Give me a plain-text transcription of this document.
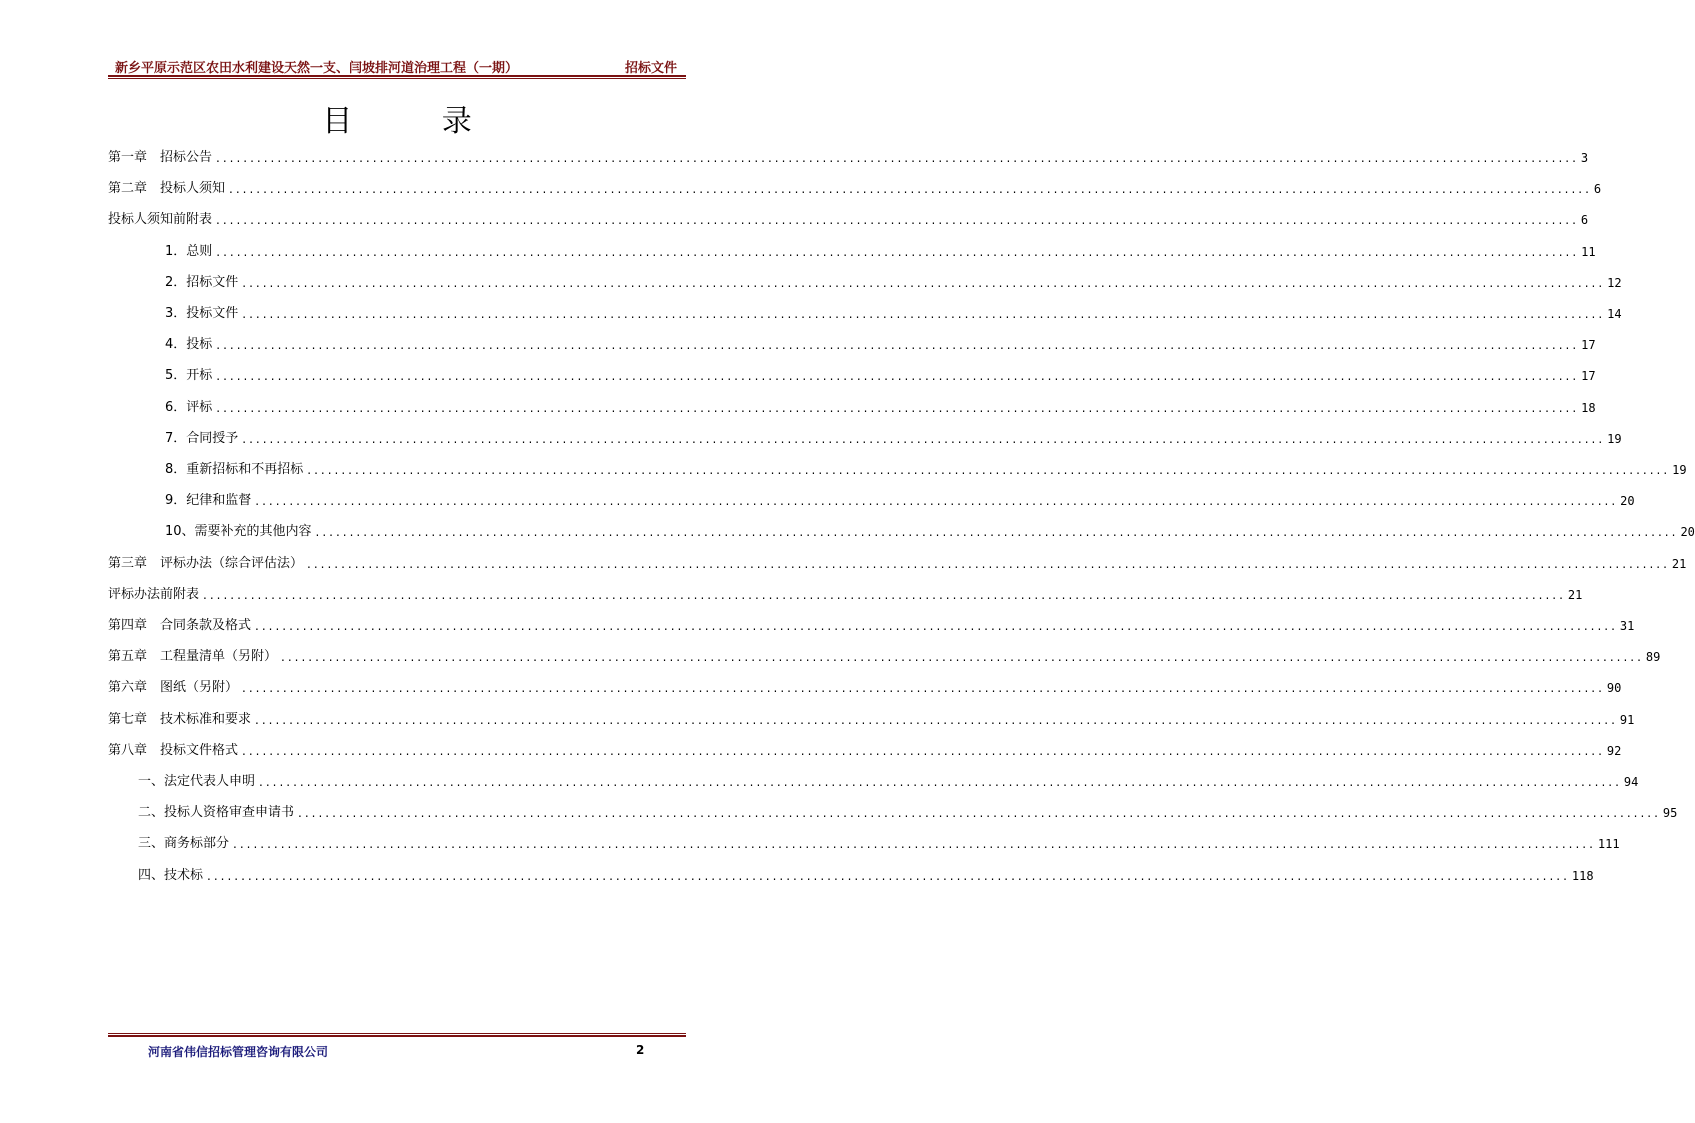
新乡平原示范区农田水利建设天然一支、闫坡排河道治理工程（一期）	招标文件
目 录
第一章　招标公告 ........................................................................................................................................................................................................ 3
第二章　投标人须知 ........................................................................................................................................................................................................ 6
投标人须知前附表 ........................................................................................................................................................................................................ 6
1．总则 ........................................................................................................................................................................................................ 11
2．招标文件 ........................................................................................................................................................................................................ 12
3．投标文件 ........................................................................................................................................................................................................ 14
4．投标 ........................................................................................................................................................................................................ 17
5．开标 ........................................................................................................................................................................................................ 17
6．评标 ........................................................................................................................................................................................................ 18
7．合同授予 ........................................................................................................................................................................................................ 19
8．重新招标和不再招标 ........................................................................................................................................................................................................ 19
9．纪律和监督 ........................................................................................................................................................................................................ 20
10、需要补充的其他内容 ........................................................................................................................................................................................................ 20
第三章　评标办法（综合评估法） ........................................................................................................................................................................................................ 21
评标办法前附表 ........................................................................................................................................................................................................ 21
第四章　合同条款及格式 ........................................................................................................................................................................................................ 31
第五章　工程量清单（另附） ........................................................................................................................................................................................................ 89
第六章　图纸（另附） ........................................................................................................................................................................................................ 90
第七章　技术标准和要求 ........................................................................................................................................................................................................ 91
第八章　投标文件格式 ........................................................................................................................................................................................................ 92
一、法定代表人申明 ........................................................................................................................................................................................................ 94
二、投标人资格审查申请书 ........................................................................................................................................................................................................ 95
三、商务标部分 ........................................................................................................................................................................................................ 111
四、技术标 ........................................................................................................................................................................................................ 118
河南省伟信招标管理咨询有限公司	2
